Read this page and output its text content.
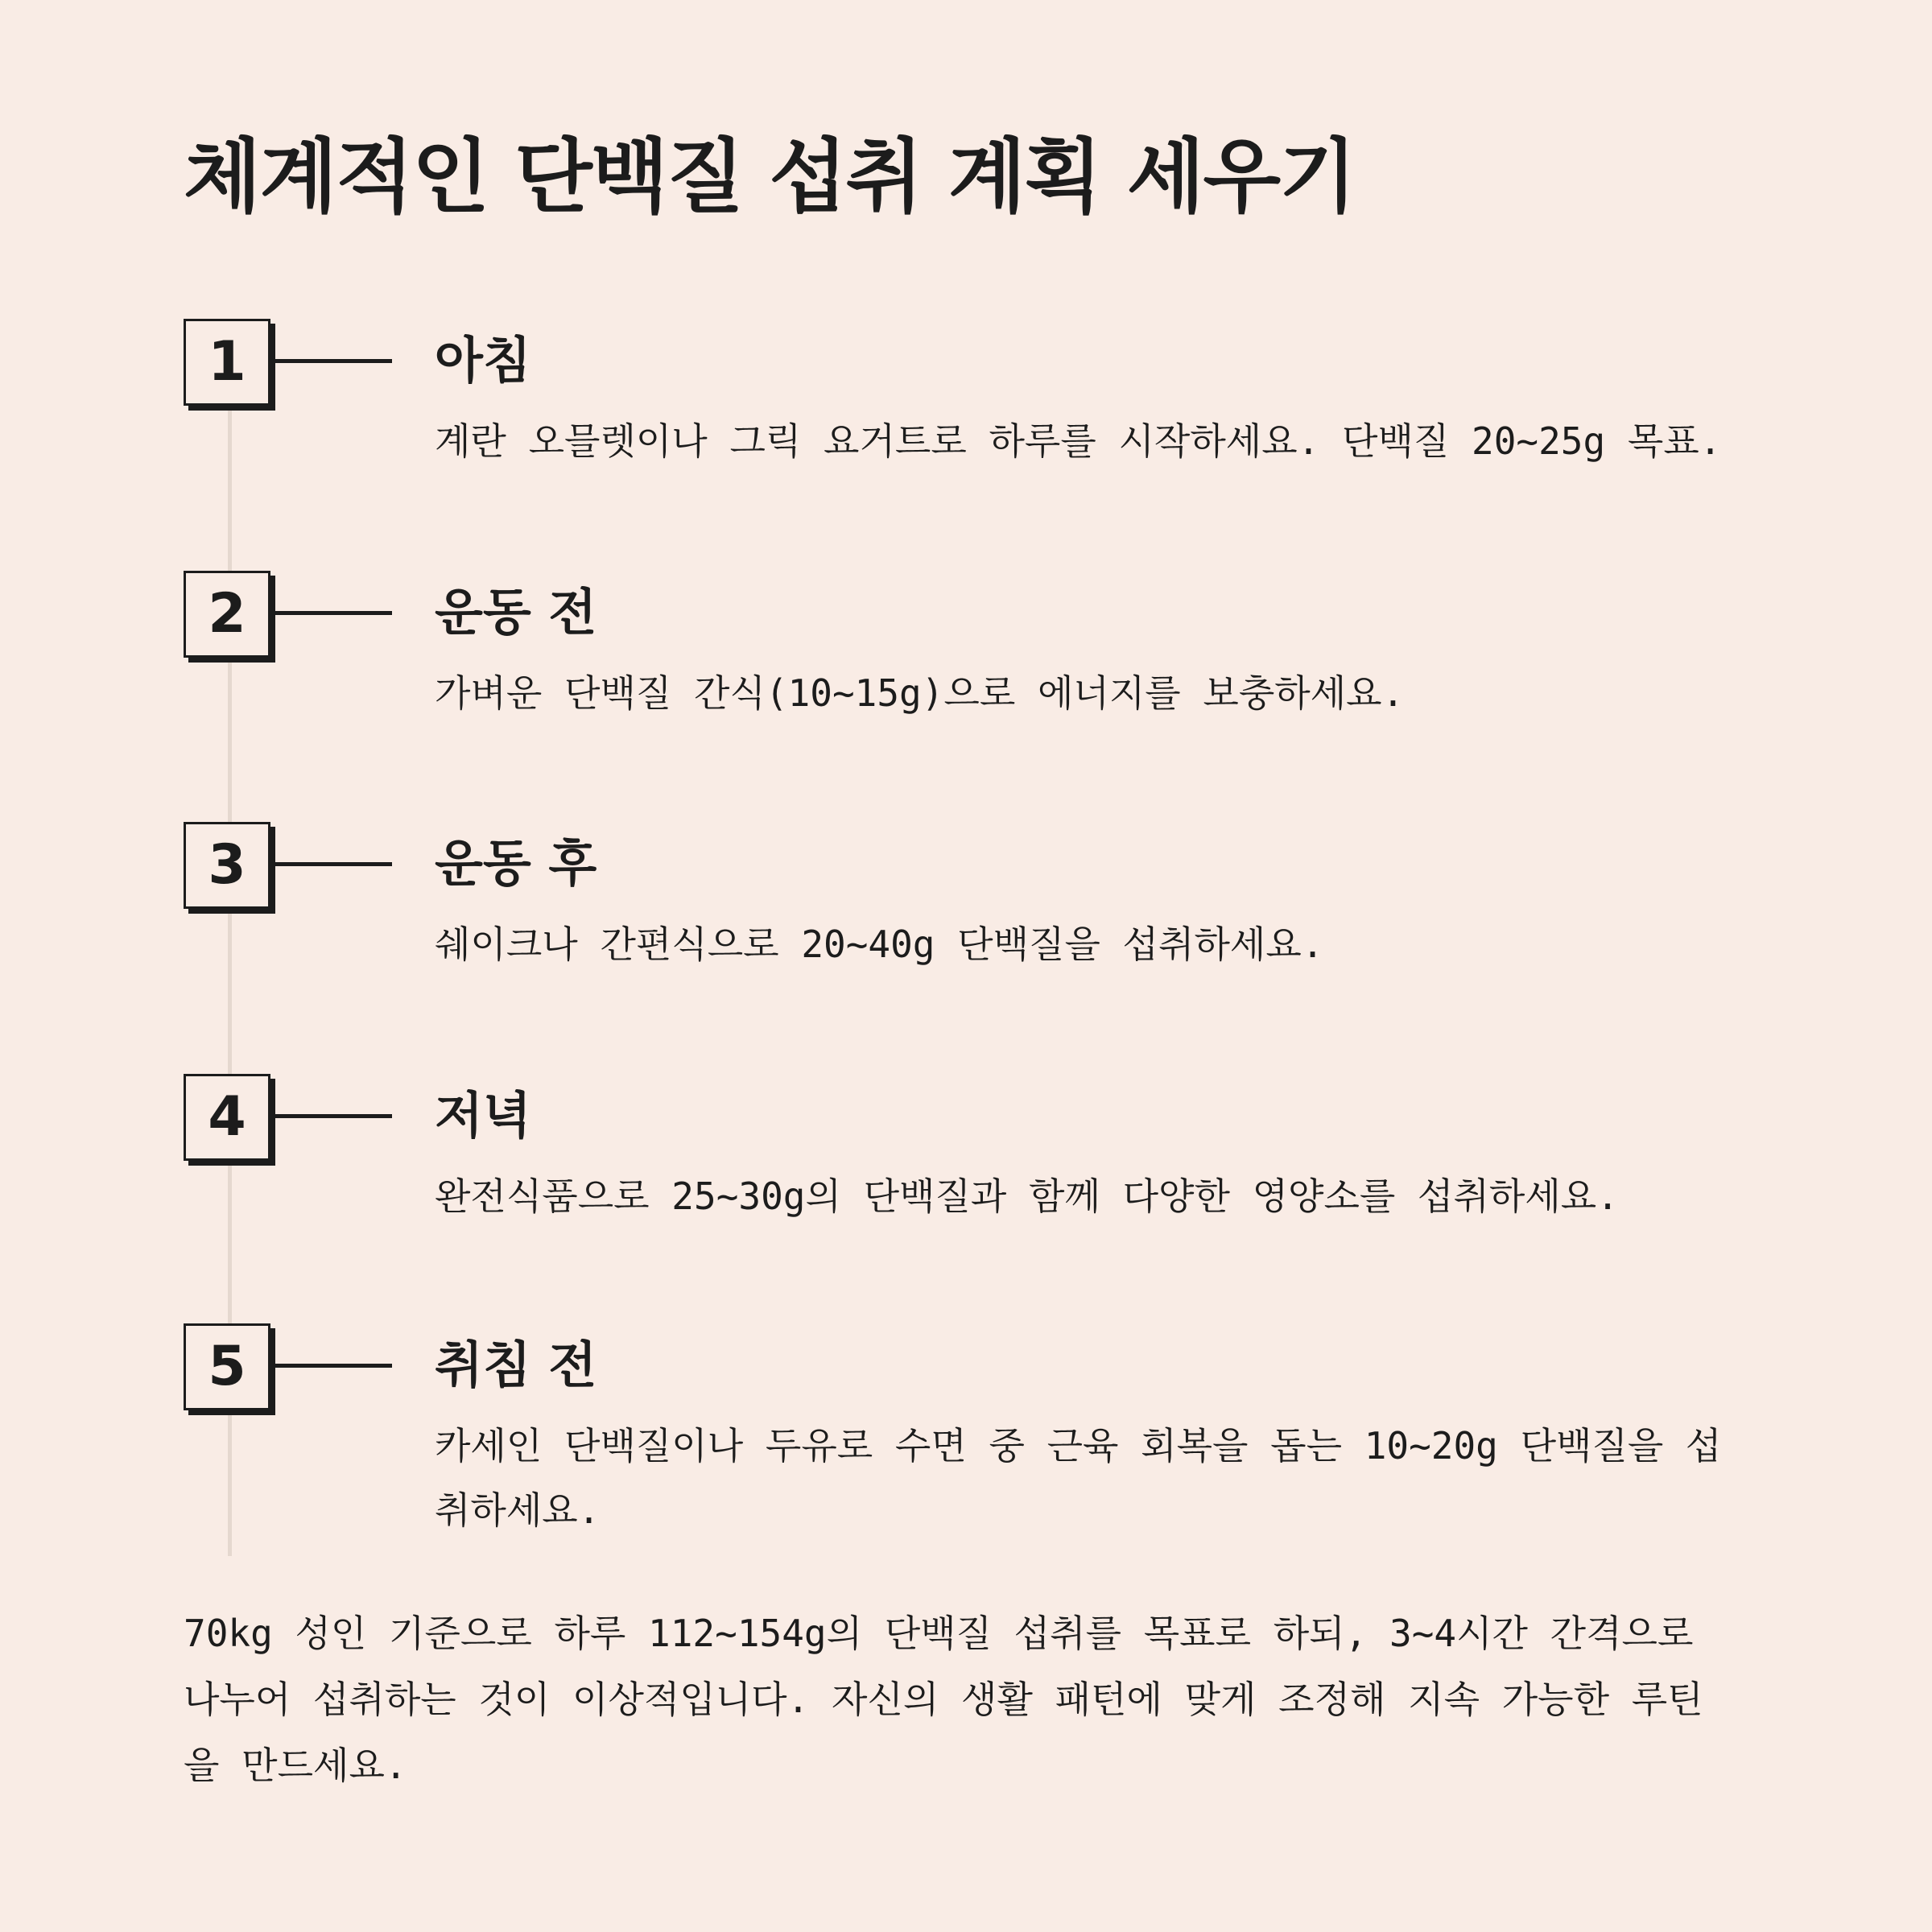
체계적인 단백질 섭취 계획 세우기
1	아침

계란 오믈렛이나 그릭 요거트로 하루를 시작하세요. 단백질 20~25g 목표.

2	운동 전

가벼운 단백질 간식(10~15g)으로 에너지를 보충하세요.

3	운동 후

쉐이크나 간편식으로 20~40g 단백질을 섭취하세요.

4	저녁

완전식품으로 25~30g의 단백질과 함께 다양한 영양소를 섭취하세요.

5	취침 전

카세인 단백질이나 두유로 수면 중 근육 회복을 돕는 10~20g 단백질을 섭취하세요.

70kg 성인 기준으로 하루 112~154g의 단백질 섭취를 목표로 하되, 3~4시간 간격으로 나누어 섭취하는 것이 이상적입니다. 자신의 생활 패턴에 맞게 조정해 지속 가능한 루틴을 만드세요.
